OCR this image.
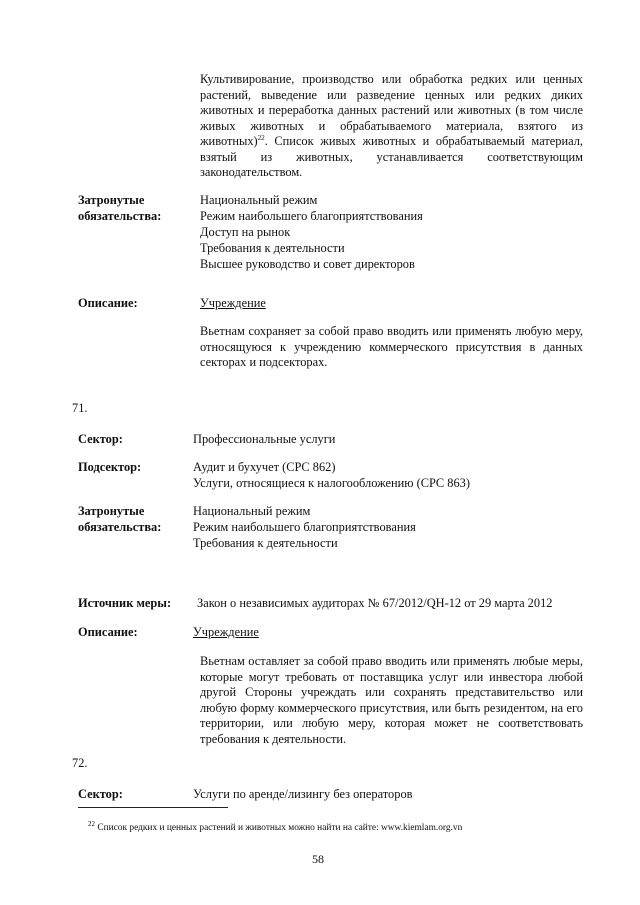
Культивирование, производство или обработка редких или ценных растений, выведение или разведение ценных или редких диких животных и переработка данных растений или животных (в том числе живых животных и обрабатываемого материала, взятого из животных)$^{22}$. Список живых животных и обрабатываемый материал, взятый из животных, устанавливается соответствующим законодательством.
Затронутые
обязательства:
Национальный режим
Режим наибольшего благоприятствования
Доступ на рынок
Требования к деятельности
Высшее руководство и совет директоров
Описание:	Учреждение
Вьетнам сохраняет за собой право вводить или применять любую меру, относящуюся к учреждению коммерческого присутствия в данных секторах и подсекторах.
71.
Сектор:	Профессиональные услуги
Подсектор:	Аудит и бухучет (CPC 862)
Услуги, относящиеся к налогообложению (CPC 863)
Затронутые
обязательства:
Национальный режим
Режим наибольшего благоприятствования
Требования к деятельности
Источник меры:	Закон о независимых аудиторах № 67/2012/QH-12 от 29 марта 2012
Описание:	Учреждение
Вьетнам оставляет за собой право вводить или применять любые меры, которые могут требовать от поставщика услуг или инвестора любой другой Стороны учреждать или сохранять представительство или любую форму коммерческого присутствия, или быть резидентом, на его территории, или любую меру, которая может не соответствовать требования к деятельности.
72.
Сектор:	Услуги по аренде/лизингу без операторов
$^{22}$ Список редких и ценных растений и животных можно найти на сайте: www.kiemlam.org.vn
58
